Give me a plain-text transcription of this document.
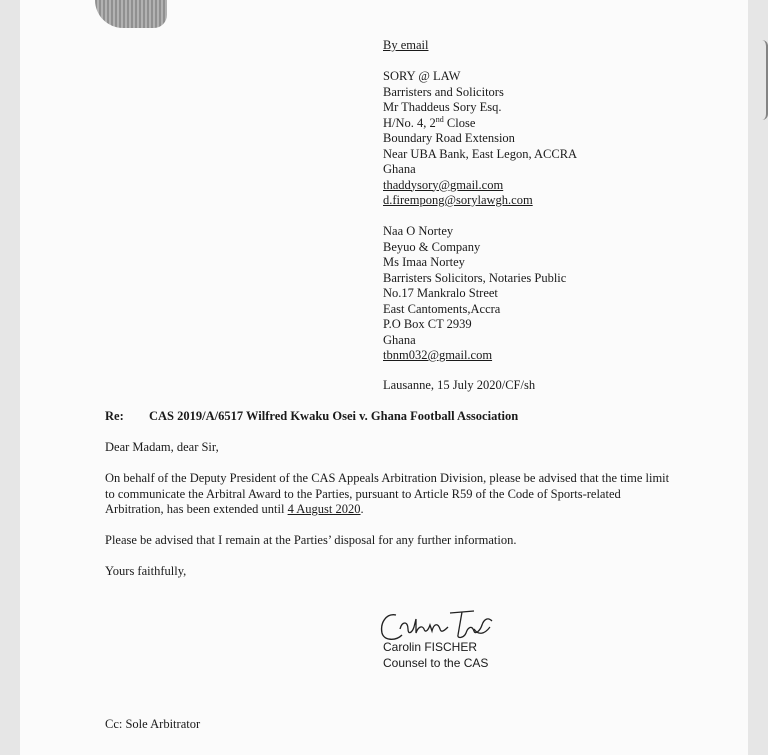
By email
SORY @ LAW
Barristers and Solicitors
Mr Thaddeus Sory Esq.
H/No. 4, 2nd Close
Boundary Road Extension
Near UBA Bank, East Legon, ACCRA
Ghana
thaddysory@gmail.com
d.firempong@sorylawgh.com
Naa O Nortey
Beyuo & Company
Ms Imaa Nortey
Barristers Solicitors, Notaries Public
No.17 Mankralo Street
East Cantoments,Accra
P.O Box CT 2939
Ghana
tbnm032@gmail.com
Lausanne, 15 July 2020/CF/sh
Re: CAS 2019/A/6517 Wilfred Kwaku Osei v. Ghana Football Association
Dear Madam, dear Sir,
On behalf of the Deputy President of the CAS Appeals Arbitration Division, please be advised that the time limit to communicate the Arbitral Award to the Parties, pursuant to Article R59 of the Code of Sports-related Arbitration, has been extended until 4 August 2020.
Please be advised that I remain at the Parties’ disposal for any further information.
Yours faithfully,
Carolin FISCHER
Counsel to the CAS
Cc: Sole Arbitrator
